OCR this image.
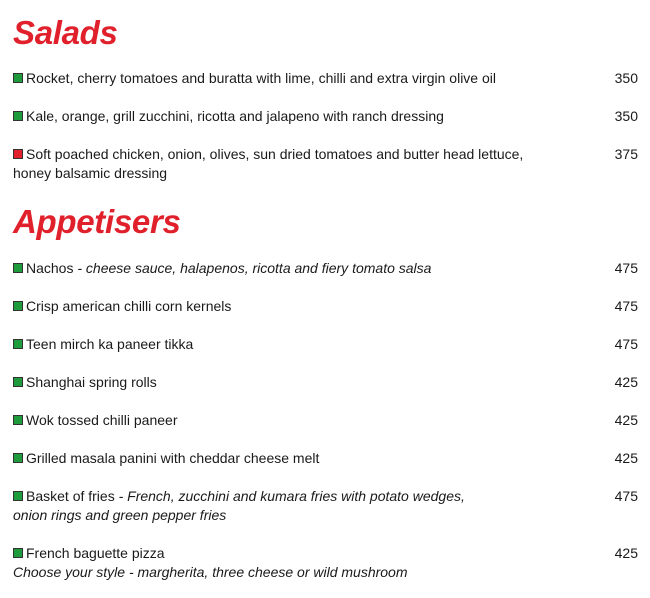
Salads
Rocket, cherry tomatoes and buratta with lime, chilli and extra virgin olive oil	350
Kale, orange, grill zucchini, ricotta and jalapeno with ranch dressing	350
Soft poached chicken, onion, olives, sun dried tomatoes and butter head lettuce,	375
honey balsamic dressing
Appetisers
Nachos - cheese sauce, halapenos, ricotta and fiery tomato salsa	475
Crisp american chilli corn kernels	475
Teen mirch ka paneer tikka	475
Shanghai spring rolls	425
Wok tossed chilli paneer	425
Grilled masala panini with cheddar cheese melt	425
Basket of fries - French, zucchini and kumara fries with potato wedges,	475
onion rings and green pepper fries
French baguette pizza	425
Choose your style - margherita, three cheese or wild mushroom
